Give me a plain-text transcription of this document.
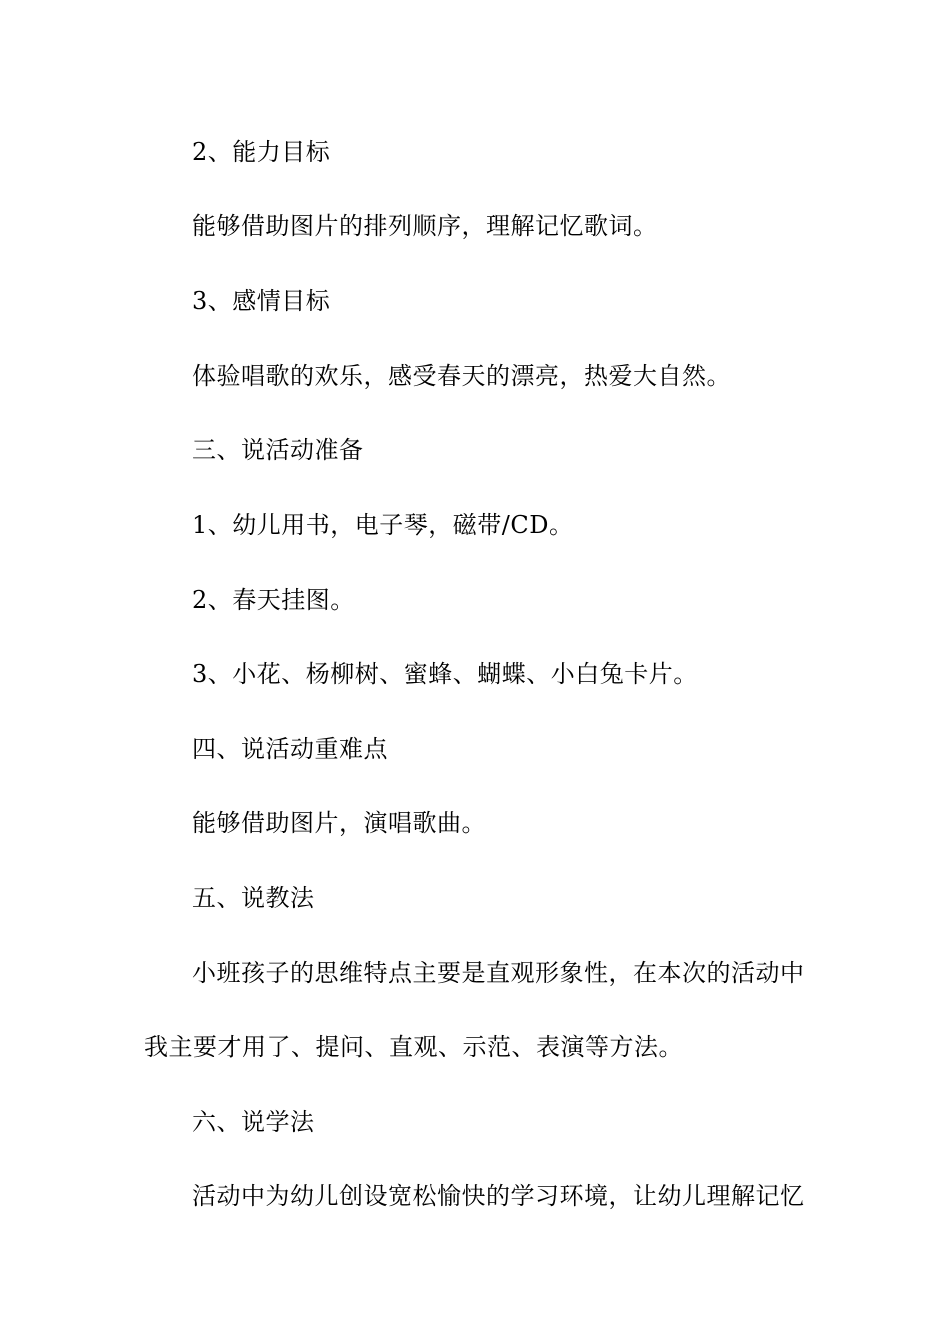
2、能力目标
能够借助图片的排列顺序，理解记忆歌词。
3、感情目标
体验唱歌的欢乐，感受春天的漂亮，热爱大自然。
三、说活动准备
1、幼儿用书，电子琴，磁带/CD。
2、春天挂图。
3、小花、杨柳树、蜜蜂、蝴蝶、小白兔卡片。
四、说活动重难点
能够借助图片，演唱歌曲。
五、说教法
小班孩子的思维特点主要是直观形象性，在本次的活动中
我主要才用了、提问、直观、示范、表演等方法。
六、说学法
活动中为幼儿创设宽松愉快的学习环境，让幼儿理解记忆
